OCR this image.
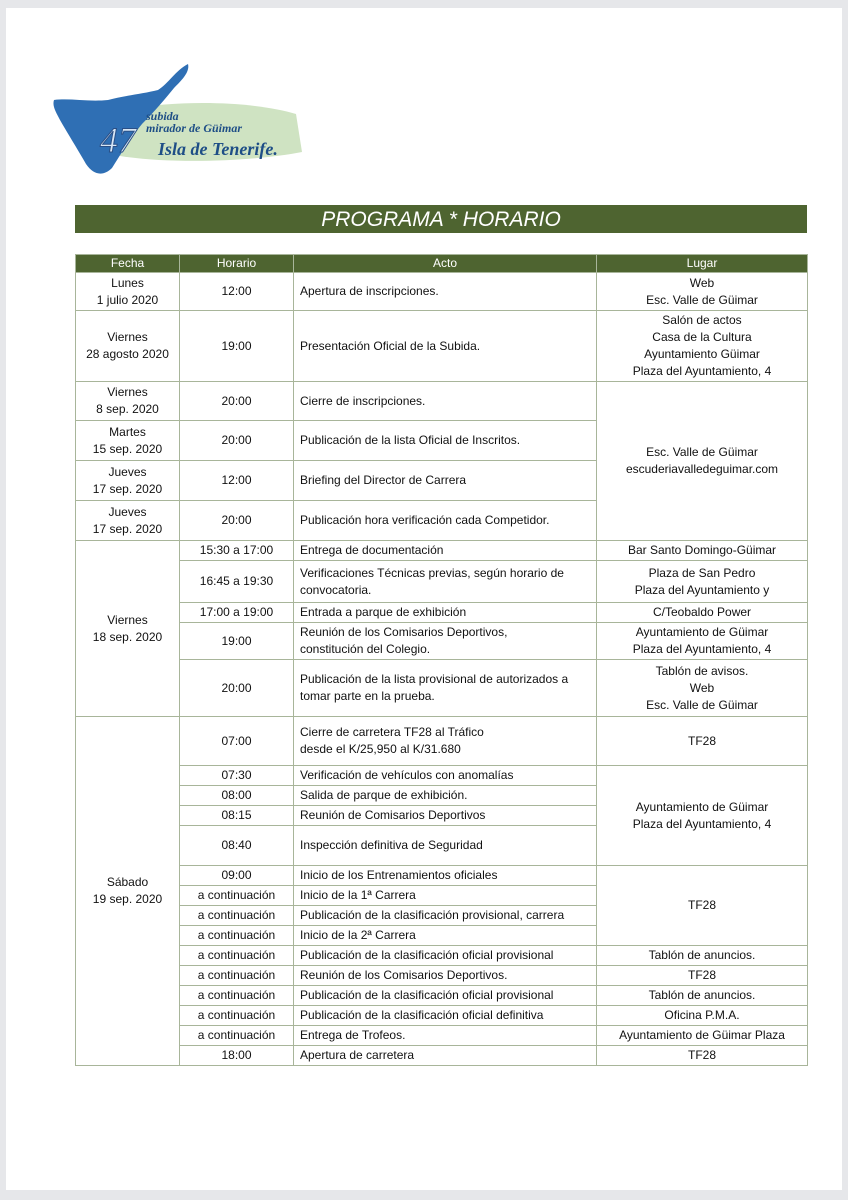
47
subida
mirador de Güimar
Isla de Tenerife.
PROGRAMA * HORARIO
Fecha	Horario	Acto	Lugar
Lunes
1 julio 2020	12:00	Apertura de inscripciones.	Web
Esc. Valle de Güimar
Viernes
28 agosto 2020	19:00	Presentación Oficial de la Subida.	Salón de actos
Casa de la Cultura
Ayuntamiento Güimar
Plaza del Ayuntamiento, 4
Viernes
8 sep. 2020	20:00	Cierre de inscripciones.	Esc. Valle de Güimar
escuderiavalledeguimar.com
Martes
15 sep. 2020	20:00	Publicación de la lista Oficial de Inscritos.	
Jueves
17 sep. 2020	12:00	Briefing del Director de Carrera	
Jueves
17 sep. 2020	20:00	Publicación hora verificación cada Competidor.	
Viernes
18 sep. 2020	15:30 a 17:00	Entrega de documentación	Bar Santo Domingo-Güimar
	16:45 a 19:30	Verificaciones Técnicas previas, según horario de convocatoria.	Plaza de San Pedro
Plaza del Ayuntamiento y
	17:00 a 19:00	Entrada a parque de exhibición	C/Teobaldo Power
	19:00	Reunión de los Comisarios Deportivos,
constitución del Colegio.	Ayuntamiento de Güimar
Plaza del Ayuntamiento, 4
	20:00	Publicación de la lista provisional de autorizados a tomar parte en la prueba.	Tablón de avisos.
Web
Esc. Valle de Güimar
Sábado
19 sep. 2020	07:00	Cierre de carretera TF28 al Tráfico
desde el K/25,950 al K/31.680	TF28
	07:30	Verificación de vehículos con anomalías	Ayuntamiento de Güimar
Plaza del Ayuntamiento, 4
	08:00	Salida de parque de exhibición.	
	08:15	Reunión de Comisarios Deportivos	
	08:40	Inspección definitiva de Seguridad	
	09:00	Inicio de los Entrenamientos oficiales	TF28
	a continuación	Inicio de la 1ª Carrera	
	a continuación	Publicación de la clasificación provisional, carrera	
	a continuación	Inicio de la 2ª Carrera	
	a continuación	Publicación de la clasificación oficial provisional	Tablón de anuncios.
	a continuación	Reunión de los Comisarios Deportivos.	TF28
	a continuación	Publicación de la clasificación oficial provisional	Tablón de anuncios.
	a continuación	Publicación de la clasificación oficial definitiva	Oficina P.M.A.
	a continuación	Entrega de Trofeos.	Ayuntamiento de Güimar Plaza
	18:00	Apertura de carretera	TF28
